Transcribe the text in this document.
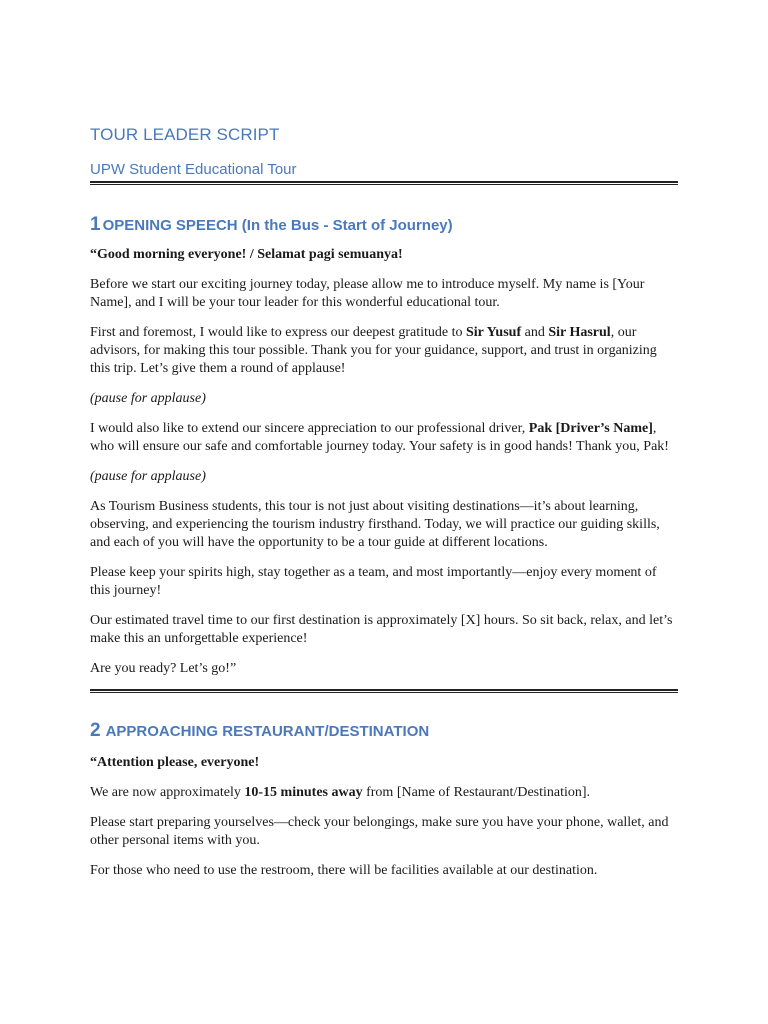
TOUR LEADER SCRIPT
UPW Student Educational Tour
1 OPENING SPEECH (In the Bus - Start of Journey)

“Good morning everyone! / Selamat pagi semuanya!

Before we start our exciting journey today, please allow me to introduce myself. My name is [Your Name], and I will be your tour leader for this wonderful educational tour.

First and foremost, I would like to express our deepest gratitude to Sir Yusuf and Sir Hasrul, our advisors, for making this tour possible. Thank you for your guidance, support, and trust in organizing this trip. Let’s give them a round of applause!

(pause for applause)

I would also like to extend our sincere appreciation to our professional driver, Pak [Driver’s Name], who will ensure our safe and comfortable journey today. Your safety is in good hands! Thank you, Pak!

(pause for applause)

As Tourism Business students, this tour is not just about visiting destinations—it’s about learning, observing, and experiencing the tourism industry firsthand. Today, we will practice our guiding skills, and each of you will have the opportunity to be a tour guide at different locations.

Please keep your spirits high, stay together as a team, and most importantly—enjoy every moment of this journey!

Our estimated travel time to our first destination is approximately [X] hours. So sit back, relax, and let’s make this an unforgettable experience!

Are you ready? Let’s go!”

2 APPROACHING RESTAURANT/DESTINATION

“Attention please, everyone!

We are now approximately 10-15 minutes away from [Name of Restaurant/Destination].

Please start preparing yourselves—check your belongings, make sure you have your phone, wallet, and other personal items with you.

For those who need to use the restroom, there will be facilities available at our destination.
